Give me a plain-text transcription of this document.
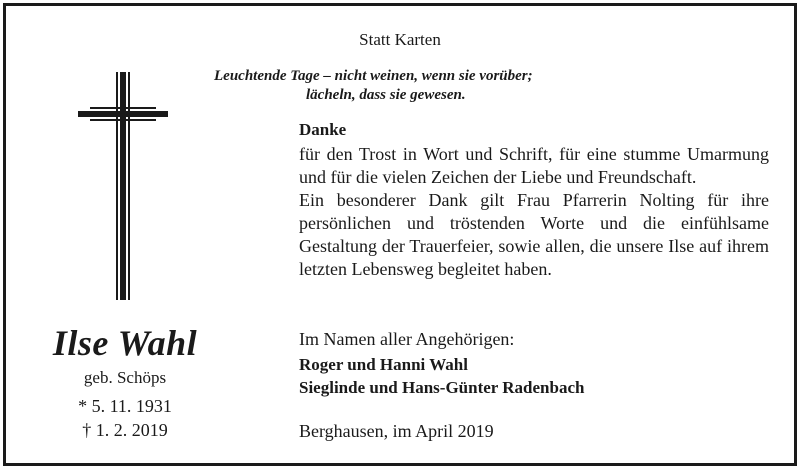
Statt Karten
Leuchtende Tage – nicht weinen, wenn sie vorüber;
lächeln, dass sie gewesen.
Ilse Wahl
geb. Schöps
* 5. 11. 1931
† 1. 2. 2019
Danke

für den Trost in Wort und Schrift, für eine stumme Umarmung und für die vielen Zeichen der Liebe und Freundschaft.

Ein besonderer Dank gilt Frau Pfarrerin Nolting für ihre persönlichen und tröstenden Worte und die einfühlsame Gestaltung der Trauerfeier, sowie allen, die unsere Ilse auf ihrem letzten Lebensweg begleitet haben.

Im Namen aller Angehörigen:
Roger und Hanni Wahl
Sieglinde und Hans-Günter Radenbach
Berghausen, im April 2019
